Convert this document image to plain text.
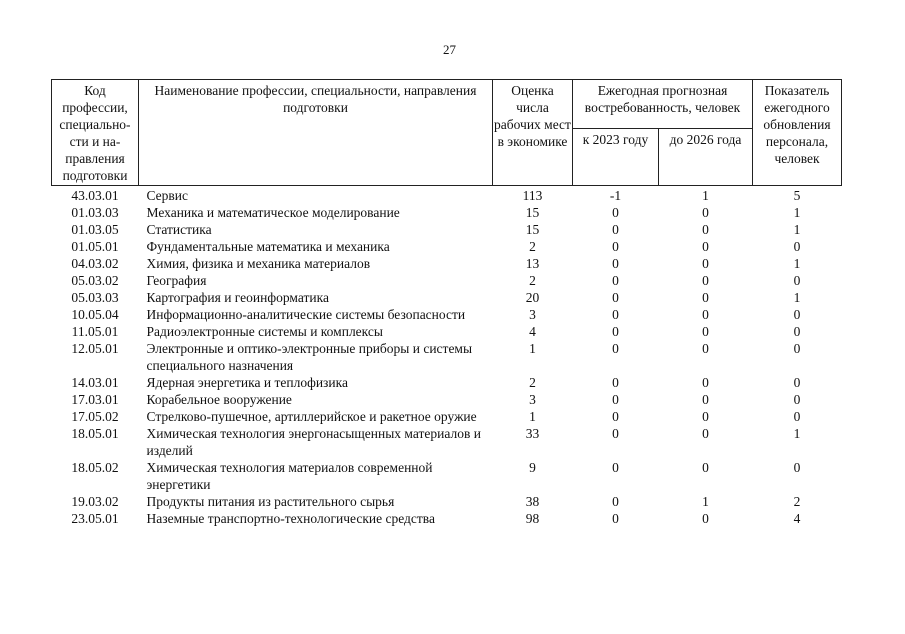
27
Код профессии, специально-сти и на-правления подготовки	Наименование профессии, специальности, направления подготовки	Оценка числа рабочих мест в экономике	Ежегодная прогнозная востребованность, человек		Показатель ежегодного обновления персонала, человек
			к 2023 году	до 2026 года	
43.03.01	Сервис	113	-1	1	5
01.03.03	Механика и математическое моделирование	15	0	0	1
01.03.05	Статистика	15	0	0	1
01.05.01	Фундаментальные математика и механика	2	0	0	0
04.03.02	Химия, физика и механика материалов	13	0	0	1
05.03.02	География	2	0	0	0
05.03.03	Картография и геоинформатика	20	0	0	1
10.05.04	Информационно-аналитические системы безопасности	3	0	0	0
11.05.01	Радиоэлектронные системы и комплексы	4	0	0	0
12.05.01	Электронные и оптико-электронные приборы и системы специального назначения	1	0	0	0
14.03.01	Ядерная энергетика и теплофизика	2	0	0	0
17.03.01	Корабельное вооружение	3	0	0	0
17.05.02	Стрелково-пушечное, артиллерийское и ракетное оружие	1	0	0	0
18.05.01	Химическая технология энергонасыщенных материалов и изделий	33	0	0	1
18.05.02	Химическая технология материалов современной энергетики	9	0	0	0
19.03.02	Продукты питания из растительного сырья	38	0	1	2
23.05.01	Наземные транспортно-технологические средства	98	0	0	4
